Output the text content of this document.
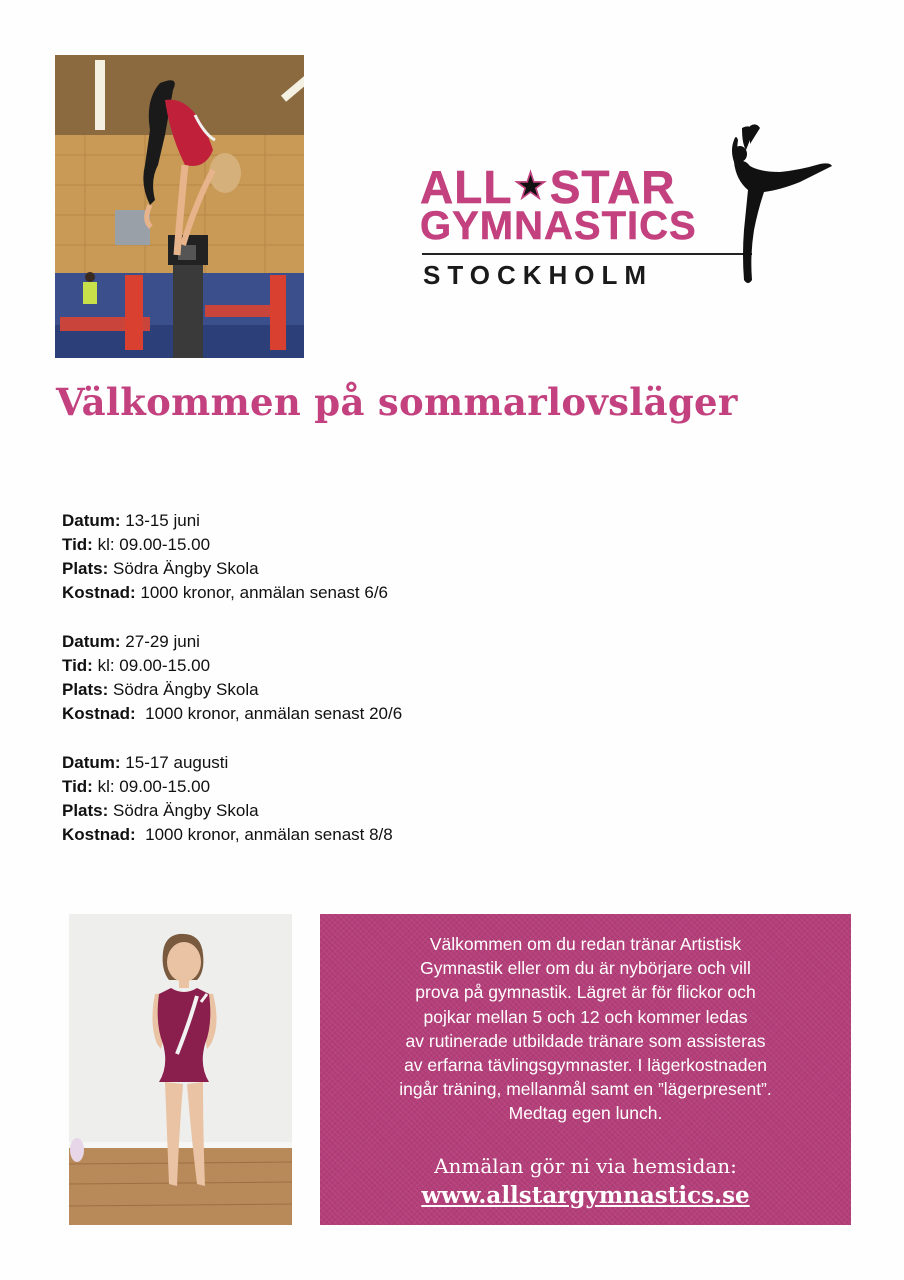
ALL★STAR
GYMNASTICS
STOCKHOLM
Välkommen på sommarlovsläger
Datum: 13-15 juni
Tid: kl: 09.00-15.00
Plats: Södra Ängby Skola
Kostnad: 1000 kronor, anmälan senast 6/6
Datum: 27-29 juni
Tid: kl: 09.00-15.00
Plats: Södra Ängby Skola
Kostnad:  1000 kronor, anmälan senast 20/6
Datum: 15-17 augusti
Tid: kl: 09.00-15.00
Plats: Södra Ängby Skola
Kostnad:  1000 kronor, anmälan senast 8/8

Välkommen om du redan tränar Artistisk
Gymnastik eller om du är nybörjare och vill
prova på gymnastik. Lägret är för flickor och
pojkar mellan 5 och 12 och kommer ledas
av rutinerade utbildade tränare som assisteras
av erfarna tävlingsgymnaster. I lägerkostnaden
ingår träning, mellanmål samt en ”lägerpresent”.
Medtag egen lunch.

Anmälan gör ni via hemsidan:
www.allstargymnastics.se
